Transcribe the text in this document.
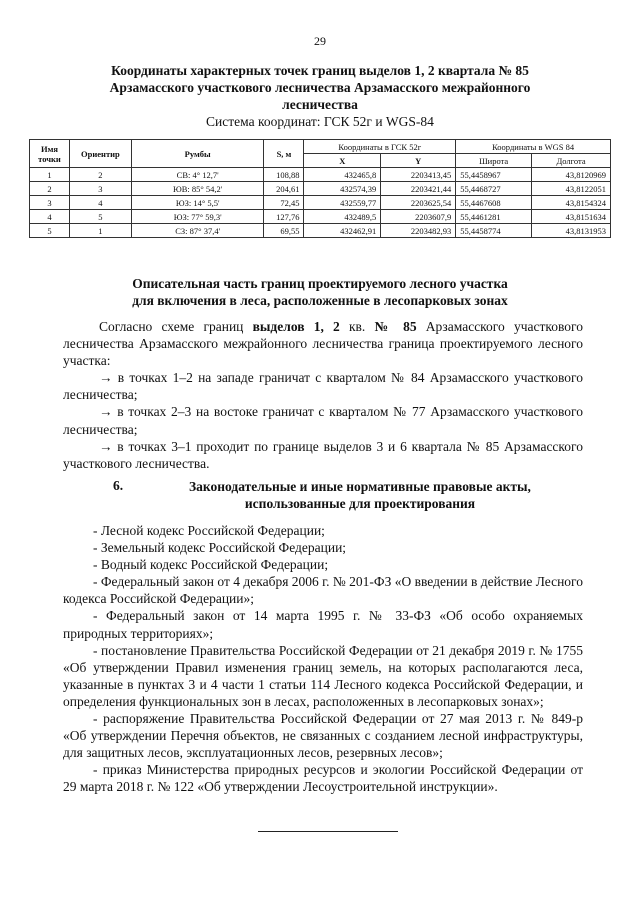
29
Координаты характерных точек границ выделов 1, 2 квартала № 85
Арзамасского участкового лесничества Арзамасского межрайонного
лесничества
Система координат: ГСК 52г и WGS-84
Имя точки	Ориентир	Румбы	S, м	Координаты в ГСК 52г		Координаты в WGS 84	
				X	Y	Широта	Долгота
1	2	СВ: 4° 12,7'	108,88	432465,8	2203413,45	55,4458967	43,8120969
2	3	ЮВ: 85° 54,2'	204,61	432574,39	2203421,44	55,4468727	43,8122051
3	4	ЮЗ: 14° 5,5'	72,45	432559,77	2203625,54	55,4467608	43,8154324
4	5	ЮЗ: 77° 59,3'	127,76	432489,5	2203607,9	55,4461281	43,8151634
5	1	СЗ: 87° 37,4'	69,55	432462,91	2203482,93	55,4458774	43,8131953
Описательная часть границ проектируемого лесного участка
для включения в леса, расположенные в лесопарковых зонах

Согласно схеме границ выделов 1, 2 кв. № 85 Арзамасского участкового лесничества Арзамасского межрайонного лесничества граница проектируемого лесного участка:

→ в точках 1–2 на западе граничат с кварталом № 84 Арзамасского участкового лесничества;

→ в точках 2–3 на востоке граничат с кварталом № 77 Арзамасского участкового лесничества;

→ в точках 3–1 проходит по границе выделов 3 и 6 квартала № 85 Арзамасского участкового лесничества.

6.	Законодательные и иные нормативные правовые акты,
использованные для проектирования

- Лесной кодекс Российской Федерации;

- Земельный кодекс Российской Федерации;

- Водный кодекс Российской Федерации;

- Федеральный закон от 4 декабря 2006 г. № 201-ФЗ «О введении в действие Лесного кодекса Российской Федерации»;

- Федеральный закон от 14 марта 1995 г. № 33-ФЗ «Об особо охраняемых природных территориях»;

- постановление Правительства Российской Федерации от 21 декабря 2019 г. № 1755 «Об утверждении Правил изменения границ земель, на которых располагаются леса, указанные в пунктах 3 и 4 части 1 статьи 114 Лесного кодекса Российской Федерации, и определения функциональных зон в лесах, расположенных в лесопарковых зонах»;

- распоряжение Правительства Российской Федерации от 27 мая 2013 г. № 849-р «Об утверждении Перечня объектов, не связанных с созданием лесной инфраструктуры, для защитных лесов, эксплуатационных лесов, резервных лесов»;

- приказ Министерства природных ресурсов и экологии Российской Федерации от 29 марта 2018 г. № 122 «Об утверждении Лесоустроительной инструкции».
